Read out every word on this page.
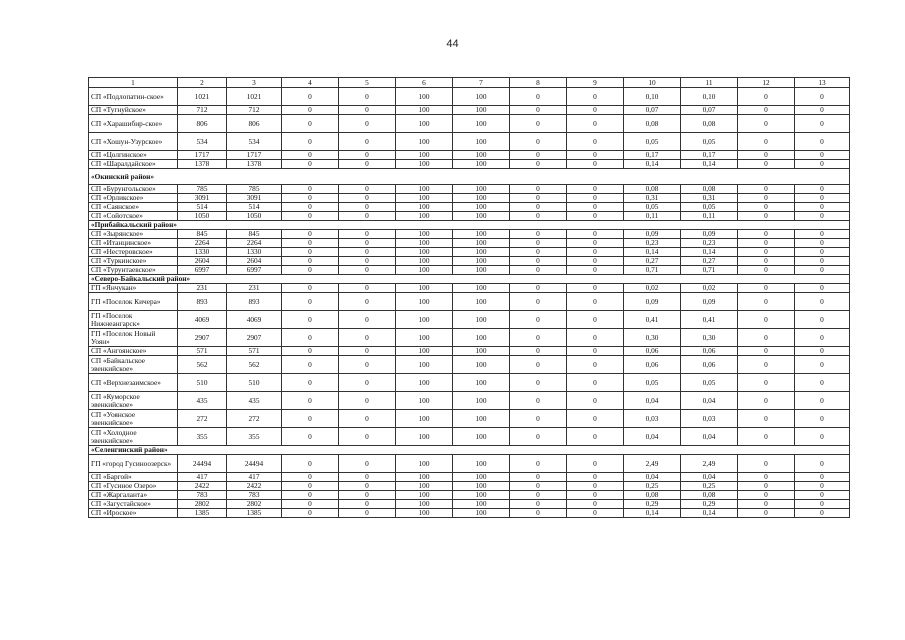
44
1	2	3	4	5	6	7	8	9	10	11	12	13
СП «Подлопатин-ское»	1021	1021	0	0	100	100	0	0	0,10	0,10	0	0
СП «Тугнуйское»	712	712	0	0	100	100	0	0	0,07	0,07	0	0
СП «Харашибир-ское»	806	806	0	0	100	100	0	0	0,08	0,08	0	0
СП «Хошун-Узурское»	534	534	0	0	100	100	0	0	0,05	0,05	0	0
СП «Цолгинское»	1717	1717	0	0	100	100	0	0	0,17	0,17	0	0
СП «Шаралдайское»	1378	1378	0	0	100	100	0	0	0,14	0,14	0	0
«Окинский район»												
СП «Бурунгольское»	785	785	0	0	100	100	0	0	0,08	0,08	0	0
СП «Орликское»	3091	3091	0	0	100	100	0	0	0,31	0,31	0	0
СП «Саянское»	514	514	0	0	100	100	0	0	0,05	0,05	0	0
СП «Сойотское»	1050	1050	0	0	100	100	0	0	0,11	0,11	0	0
«Прибайкальский район»												
СП «Зырянское»	845	845	0	0	100	100	0	0	0,09	0,09	0	0
СП «Итанцинское»	2264	2264	0	0	100	100	0	0	0,23	0,23	0	0
СП «Нестеровское»	1330	1330	0	0	100	100	0	0	0,14	0,14	0	0
СП «Туркинское»	2604	2604	0	0	100	100	0	0	0,27	0,27	0	0
СП «Турунтаевское»	6997	6997	0	0	100	100	0	0	0,71	0,71	0	0
«Северо-Байкальский район»												
ГП «Янчукан»	231	231	0	0	100	100	0	0	0,02	0,02	0	0
ГП «Поселок Кичера»	893	893	0	0	100	100	0	0	0,09	0,09	0	0
ГП «Поселок Нижнеангарск»	4069	4069	0	0	100	100	0	0	0,41	0,41	0	0
ГП «Поселок Новый Уоян»	2907	2907	0	0	100	100	0	0	0,30	0,30	0	0
СП «Ангоянское»	571	571	0	0	100	100	0	0	0,06	0,06	0	0
СП «Байкальское эвенкийское»	562	562	0	0	100	100	0	0	0,06	0,06	0	0
СП «Верхнезаимское»	510	510	0	0	100	100	0	0	0,05	0,05	0	0
СП «Куморское эвенкийское»	435	435	0	0	100	100	0	0	0,04	0,04	0	0
СП «Уоянское эвенкийское»	272	272	0	0	100	100	0	0	0,03	0,03	0	0
СП «Холодное эвенкийское»	355	355	0	0	100	100	0	0	0,04	0,04	0	0
«Селенгинский район»												
ГП «город Гусиноозерск»	24494	24494	0	0	100	100	0	0	2,49	2,49	0	0
СП «Баргой»	417	417	0	0	100	100	0	0	0,04	0,04	0	0
СП «Гусиное Озеро»	2422	2422	0	0	100	100	0	0	0,25	0,25	0	0
СП «Жаргаланта»	783	783	0	0	100	100	0	0	0,08	0,08	0	0
СП «Загустайское»	2802	2802	0	0	100	100	0	0	0,29	0,29	0	0
СП «Ироское»	1385	1385	0	0	100	100	0	0	0,14	0,14	0	0
